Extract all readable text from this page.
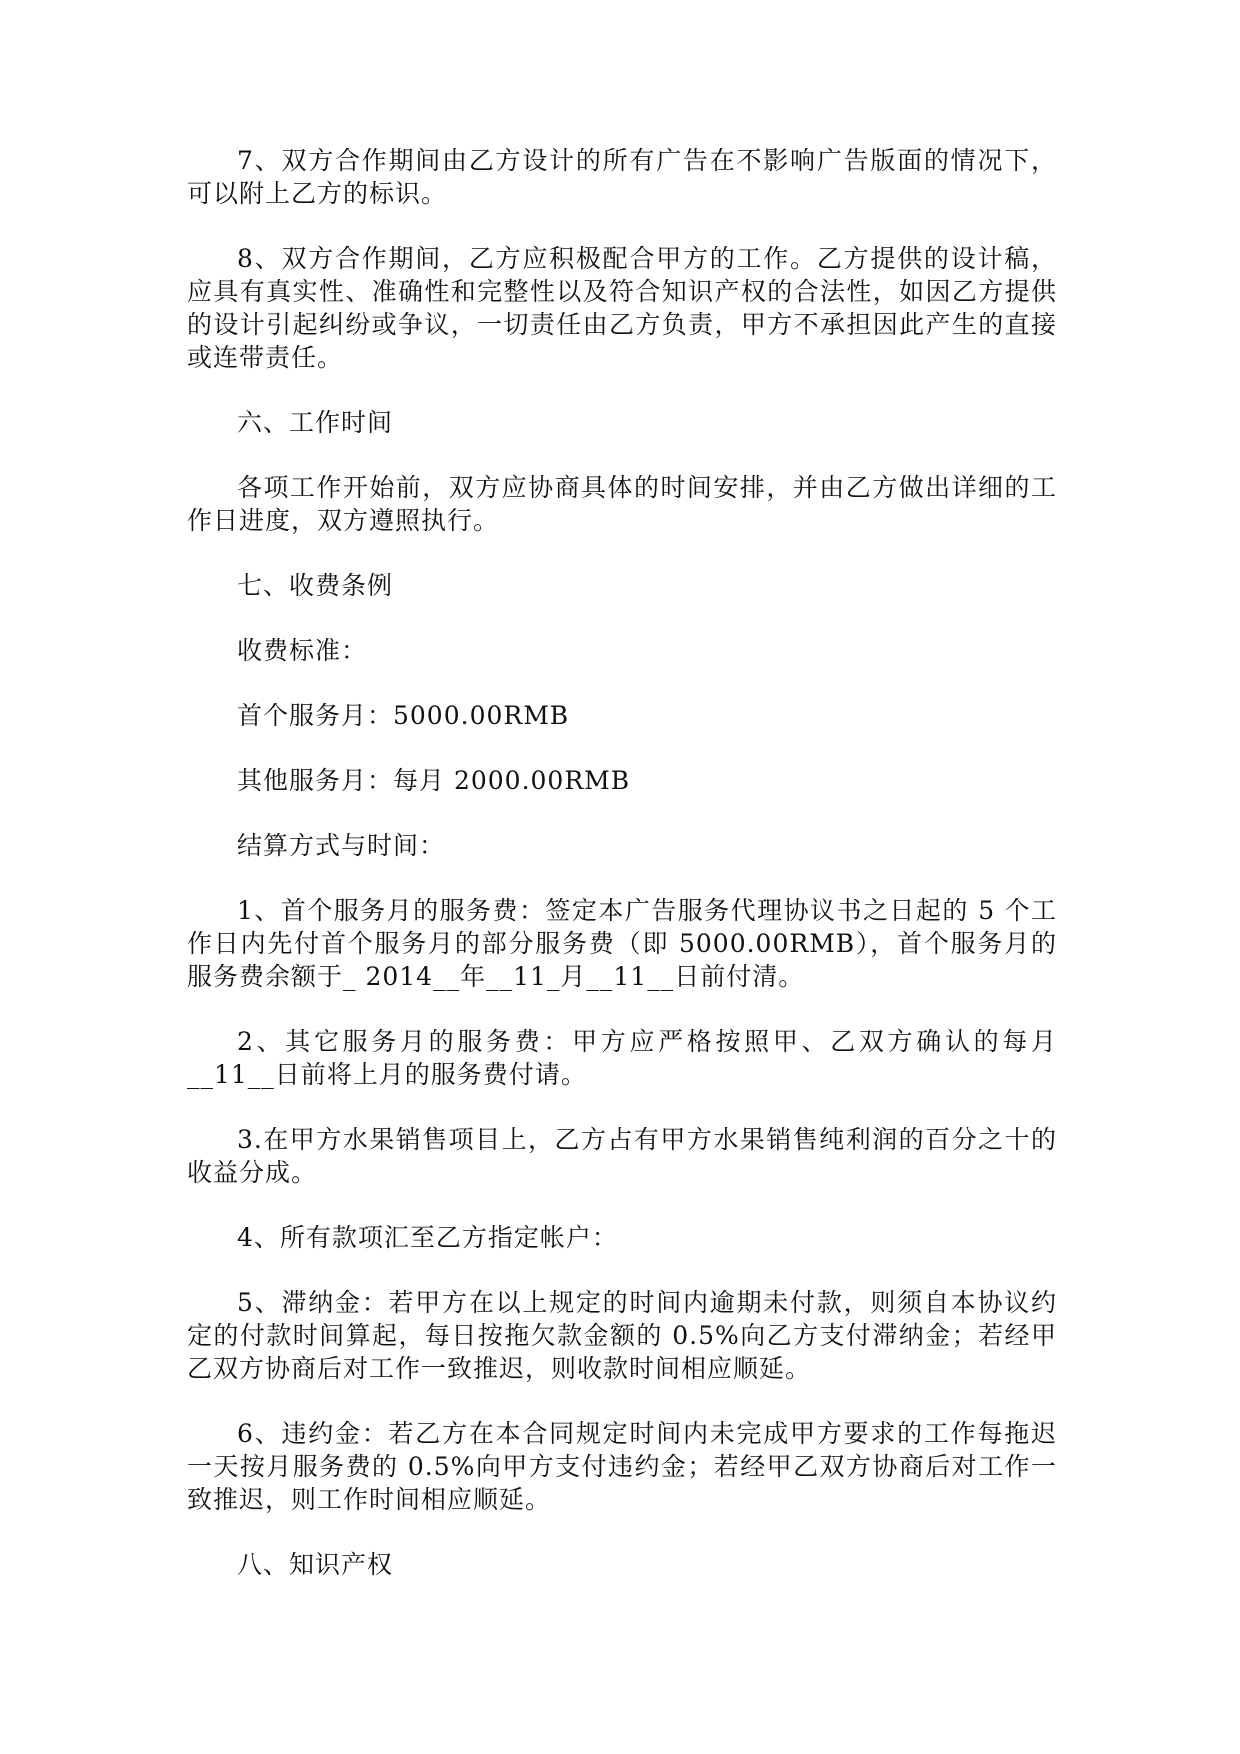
7、双方合作期间由乙方设计的所有广告在不影响广告版面的情况下，可以附上乙方的标识。

8、双方合作期间，乙方应积极配合甲方的工作。乙方提供的设计稿，应具有真实性、准确性和完整性以及符合知识产权的合法性，如因乙方提供的设计引起纠纷或争议，一切责任由乙方负责，甲方不承担因此产生的直接或连带责任。

六、工作时间

各项工作开始前，双方应协商具体的时间安排，并由乙方做出详细的工作日进度，双方遵照执行。

七、收费条例

收费标准：

首个服务月：5000.00RMB

其他服务月：每月 2000.00RMB

结算方式与时间：

1、首个服务月的服务费：签定本广告服务代理协议书之日起的 5 个工作日内先付首个服务月的部分服务费（即 5000.00RMB），首个服务月的服务费余额于_ 2014__年__11_月__11__日前付清。

2、其它服务月的服务费：甲方应严格按照甲、乙双方确认的每月__11__日前将上月的服务费付请。

3.在甲方水果销售项目上，乙方占有甲方水果销售纯利润的百分之十的收益分成。

4、所有款项汇至乙方指定帐户：

5、滞纳金：若甲方在以上规定的时间内逾期未付款，则须自本协议约定的付款时间算起，每日按拖欠款金额的 0.5%向乙方支付滞纳金；若经甲乙双方协商后对工作一致推迟，则收款时间相应顺延。

6、违约金：若乙方在本合同规定时间内未完成甲方要求的工作每拖迟一天按月服务费的 0.5%向甲方支付违约金；若经甲乙双方协商后对工作一致推迟，则工作时间相应顺延。

八、知识产权
